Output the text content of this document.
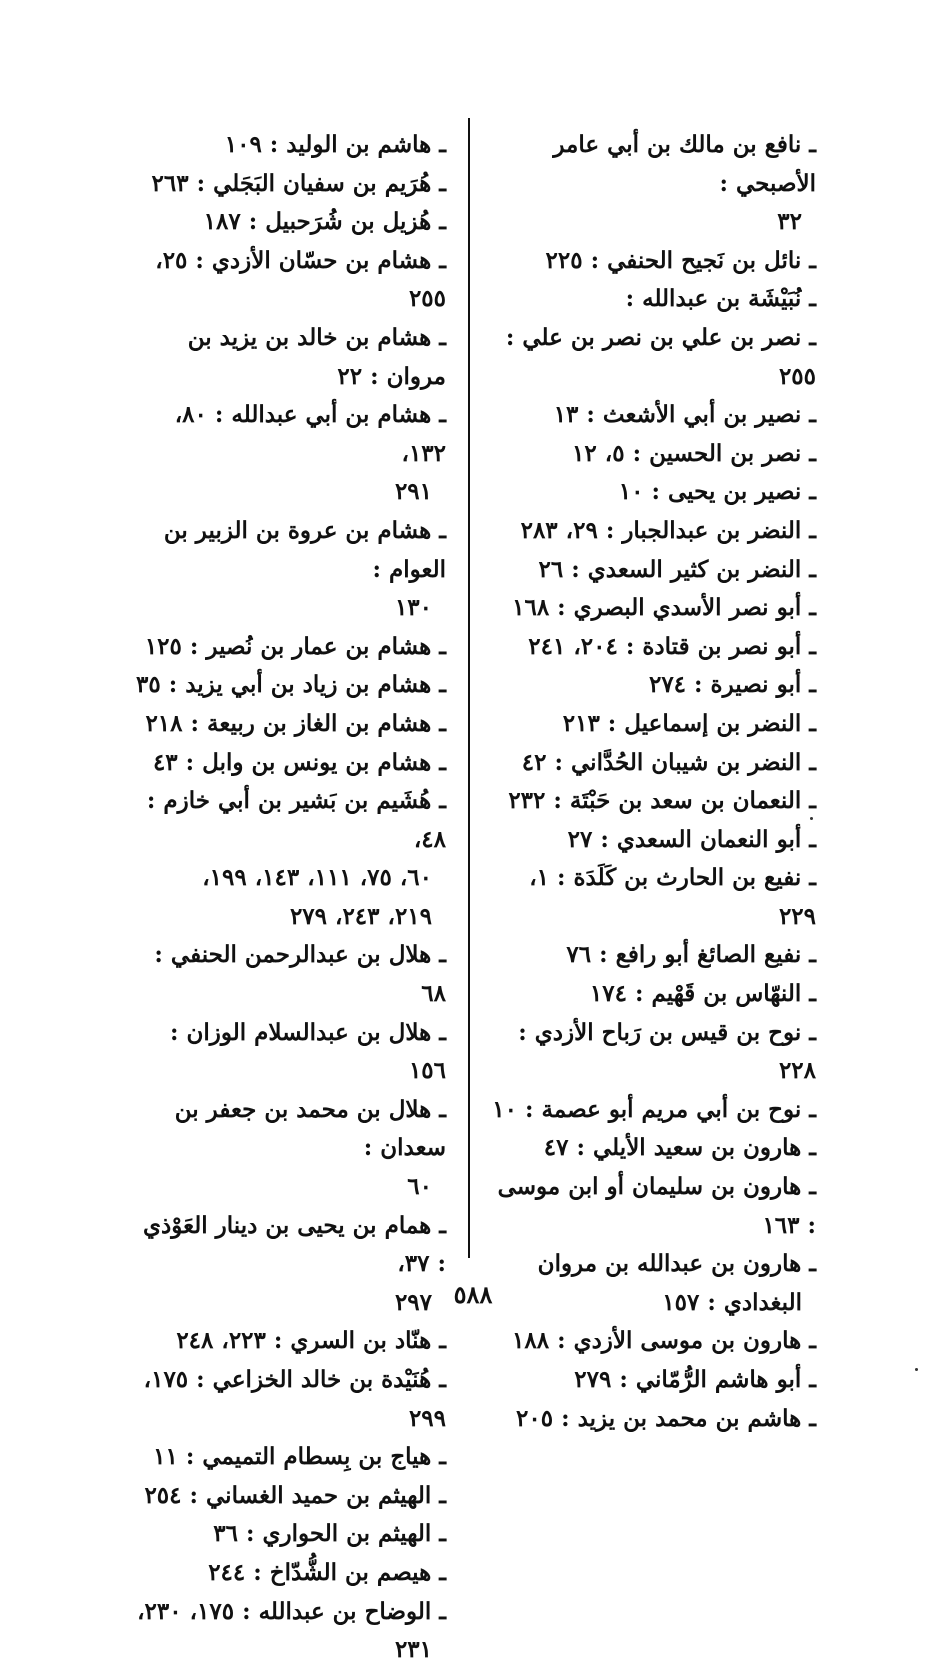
ـ نافع بن مالك بن أبي عامر الأصبحي :
٣٢
ـ نائل بن نَجيح الحنفي : ٢٢٥
ـ نُبَيْشَة بن عبدالله :
ـ نصر بن علي بن نصر بن علي : ٢٥٥
ـ نصير بن أبي الأشعث : ١٣
ـ نصر بن الحسين : ٥، ١٢
ـ نصير بن يحيى : ١٠
ـ النضر بن عبدالجبار : ٢٩، ٢٨٣
ـ النضر بن كثير السعدي : ٢٦
ـ أبو نصر الأسدي البصري : ١٦٨
ـ أبو نصر بن قتادة : ٢٠٤، ٢٤١
ـ أبو نصيرة : ٢٧٤
ـ النضر بن إسماعيل : ٢١٣
ـ النضر بن شيبان الحُدَّاني : ٤٢
ـ النعمان بن سعد بن حَبْتَة : ٢٣٢
ـ أبو النعمان السعدي : ٢٧
ـ نفيع بن الحارث بن كَلَدَة : ١، ٢٢٩
ـ نفيع الصائغ أبو رافع : ٧٦
ـ النهّاس بن قَهْيم : ١٧٤
ـ نوح بن قيس بن رَباح الأزدي : ٢٢٨
ـ نوح بن أبي مريم أبو عصمة : ١٠
ـ هارون بن سعيد الأيلي : ٤٧
ـ هارون بن سليمان أو ابن موسى : ١٦٣
ـ هارون بن عبدالله بن مروان
البغدادي : ١٥٧
ـ هارون بن موسى الأزدي : ١٨٨
ـ أبو هاشم الرُّمّاني : ٢٧٩
ـ هاشم بن محمد بن يزيد : ٢٠٥
ـ هاشم بن الوليد : ١٠٩
ـ هُرَيم بن سفيان البَجَلي : ٢٦٣
ـ هُزيل بن شُرَحبيل : ١٨٧
ـ هشام بن حسّان الأزدي : ٢٥، ٢٥٥
ـ هشام بن خالد بن يزيد بن مروان : ٢٢
ـ هشام بن أبي عبدالله : ٨٠، ١٣٢،
٢٩١
ـ هشام بن عروة بن الزبير بن العوام :
١٣٠
ـ هشام بن عمار بن نُصير : ١٢٥
ـ هشام بن زياد بن أبي يزيد : ٣٥
ـ هشام بن الغاز بن ربيعة : ٢١٨
ـ هشام بن يونس بن وابل : ٤٣
ـ هُشَيم بن بَشير بن أبي خازم : ٤٨،
٦٠، ٧٥، ١١١، ١٤٣، ١٩٩،
٢١٩، ٢٤٣، ٢٧٩
ـ هلال بن عبدالرحمن الحنفي : ٦٨
ـ هلال بن عبدالسلام الوزان : ١٥٦
ـ هلال بن محمد بن جعفر بن سعدان :
٦٠
ـ همام بن يحيى بن دينار العَوْذي : ٣٧،
٢٩٧
ـ هنّاد بن السري : ٢٢٣، ٢٤٨
ـ هُنَيْدة بن خالد الخزاعي : ١٧٥، ٢٩٩
ـ هياج بن بِسطام التميمي : ١١
ـ الهيثم بن حميد الغساني : ٢٥٤
ـ الهيثم بن الحواري : ٣٦
ـ هيصم بن الشُّدّاخ : ٢٤٤
ـ الوضاح بن عبدالله : ١٧٥، ٢٣٠،
٢٣١
٥٨٨
